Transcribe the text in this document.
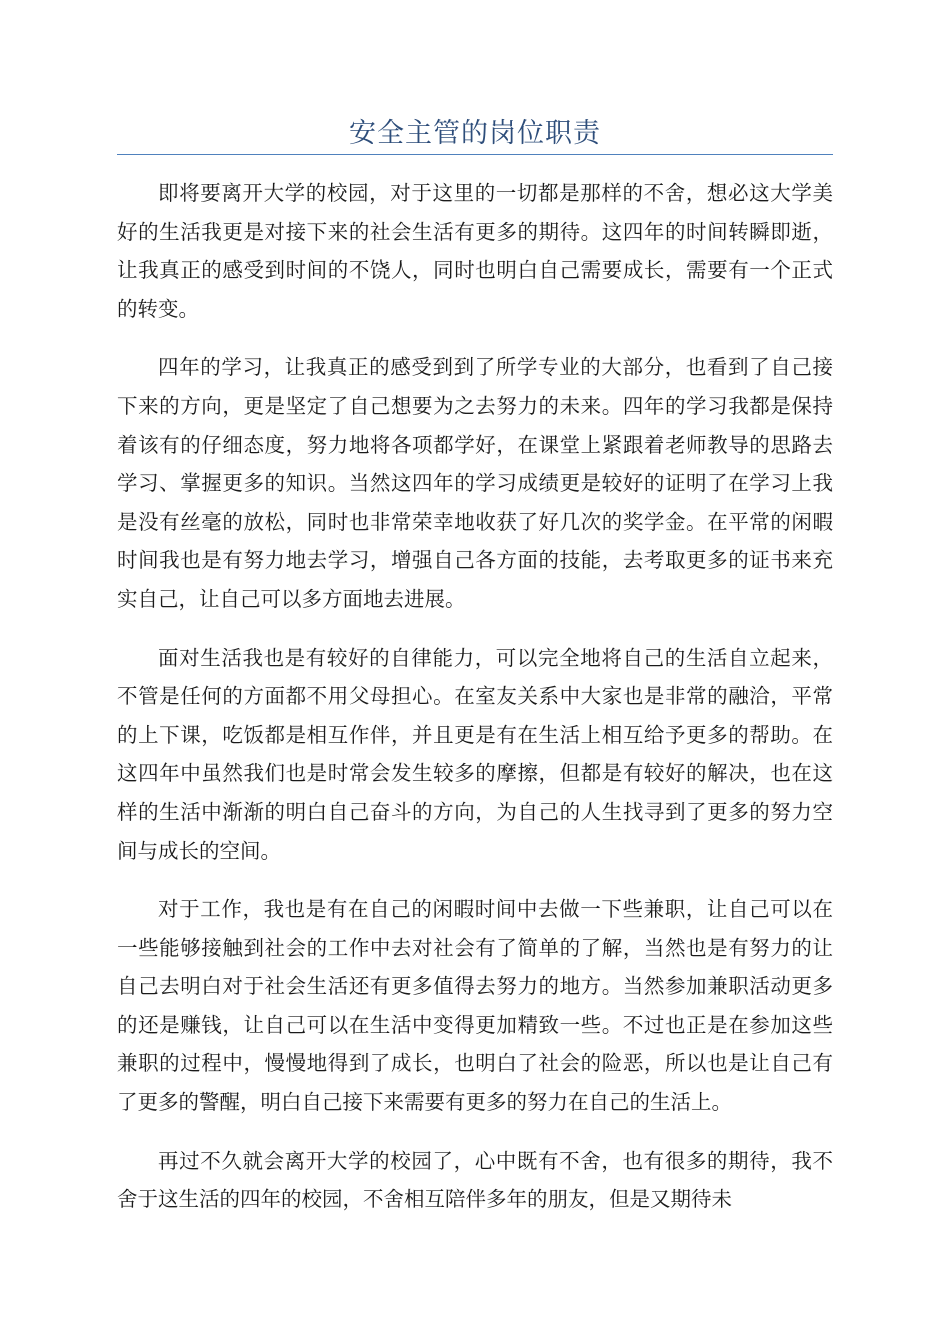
安全主管的岗位职责

即将要离开大学的校园，对于这里的一切都是那样的不舍，想必这大学美好的生活我更是对接下来的社会生活有更多的期待。这四年的时间转瞬即逝，让我真正的感受到时间的不饶人，同时也明白自己需要成长，需要有一个正式的转变。

四年的学习，让我真正的感受到到了所学专业的大部分，也看到了自己接下来的方向，更是坚定了自己想要为之去努力的未来。四年的学习我都是保持着该有的仔细态度，努力地将各项都学好，在课堂上紧跟着老师教导的思路去学习、掌握更多的知识。当然这四年的学习成绩更是较好的证明了在学习上我是没有丝毫的放松，同时也非常荣幸地收获了好几次的奖学金。在平常的闲暇时间我也是有努力地去学习，增强自己各方面的技能，去考取更多的证书来充实自己，让自己可以多方面地去进展。

面对生活我也是有较好的自律能力，可以完全地将自己的生活自立起来，不管是任何的方面都不用父母担心。在室友关系中大家也是非常的融洽，平常的上下课，吃饭都是相互作伴，并且更是有在生活上相互给予更多的帮助。在这四年中虽然我们也是时常会发生较多的摩擦，但都是有较好的解决，也在这样的生活中渐渐的明白自己奋斗的方向，为自己的人生找寻到了更多的努力空间与成长的空间。

对于工作，我也是有在自己的闲暇时间中去做一下些兼职，让自己可以在一些能够接触到社会的工作中去对社会有了简单的了解，当然也是有努力的让自己去明白对于社会生活还有更多值得去努力的地方。当然参加兼职活动更多的还是赚钱，让自己可以在生活中变得更加精致一些。不过也正是在参加这些兼职的过程中，慢慢地得到了成长，也明白了社会的险恶，所以也是让自己有了更多的警醒，明白自己接下来需要有更多的努力在自己的生活上。

再过不久就会离开大学的校园了，心中既有不舍，也有很多的期待，我不舍于这生活的四年的校园，不舍相互陪伴多年的朋友，但是又期待未
